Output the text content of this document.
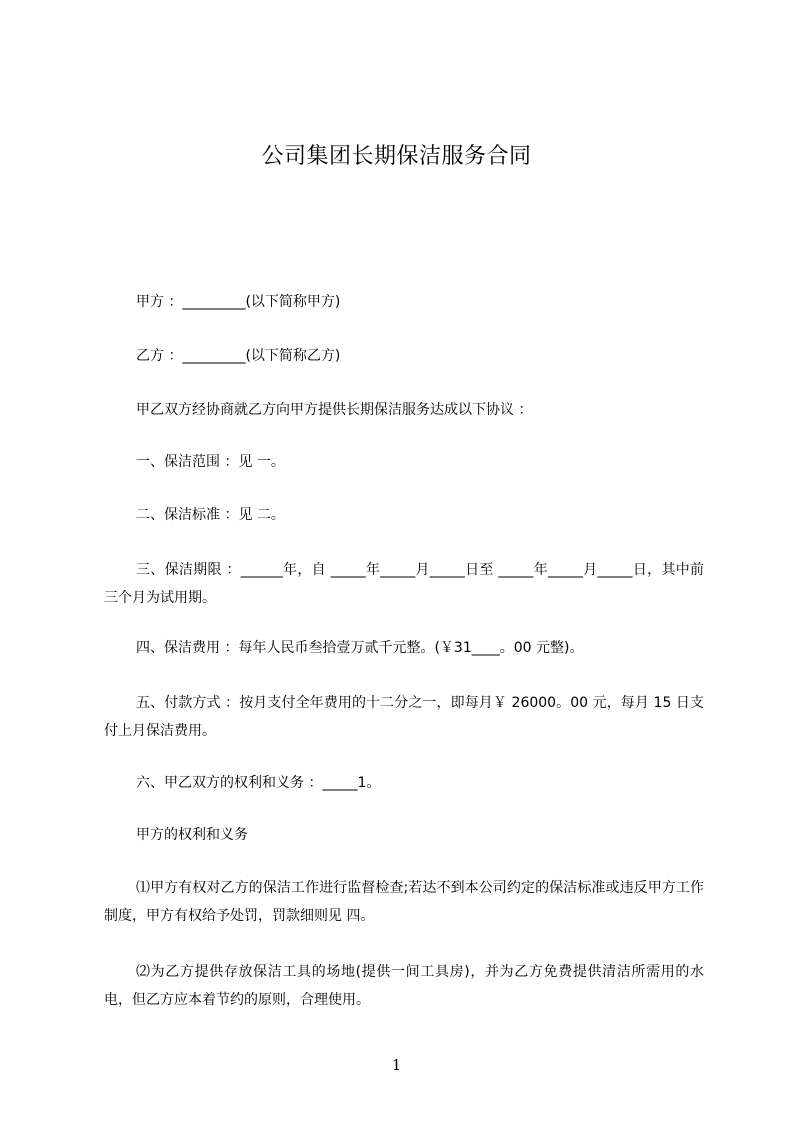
公司集团长期保洁服务合同
甲方 ：_________(以下简称甲方)
乙方 ：_________(以下简称乙方)
甲乙双方经协商就乙方向甲方提供长期保洁服务达成以下协议 ：
一、保洁范围 ：见 一。
二、保洁标准 ：见 二。
三、保洁期限 ：______年，自 _____年_____月_____日至 _____年_____月_____日，其中前三个月为试用期。
四、保洁费用 ：每年人民币叁拾壹万贰千元整。(￥31____。00 元整)。
五、付款方式 ：按月支付全年费用的十二分之一，即每月￥ 26000。00 元，每月 15 日支付上月保洁费用。
六、甲乙双方的权利和义务 ：_____1。
甲方的权利和义务
⑴甲方有权对乙方的保洁工作进行监督检查;若达不到本公司约定的保洁标准或违反甲方工作制度，甲方有权给予处罚，罚款细则见 四。
⑵为乙方提供存放保洁工具的场地(提供一间工具房)，并为乙方免费提供清洁所需用的水电，但乙方应本着节约的原则，合理使用。
1
